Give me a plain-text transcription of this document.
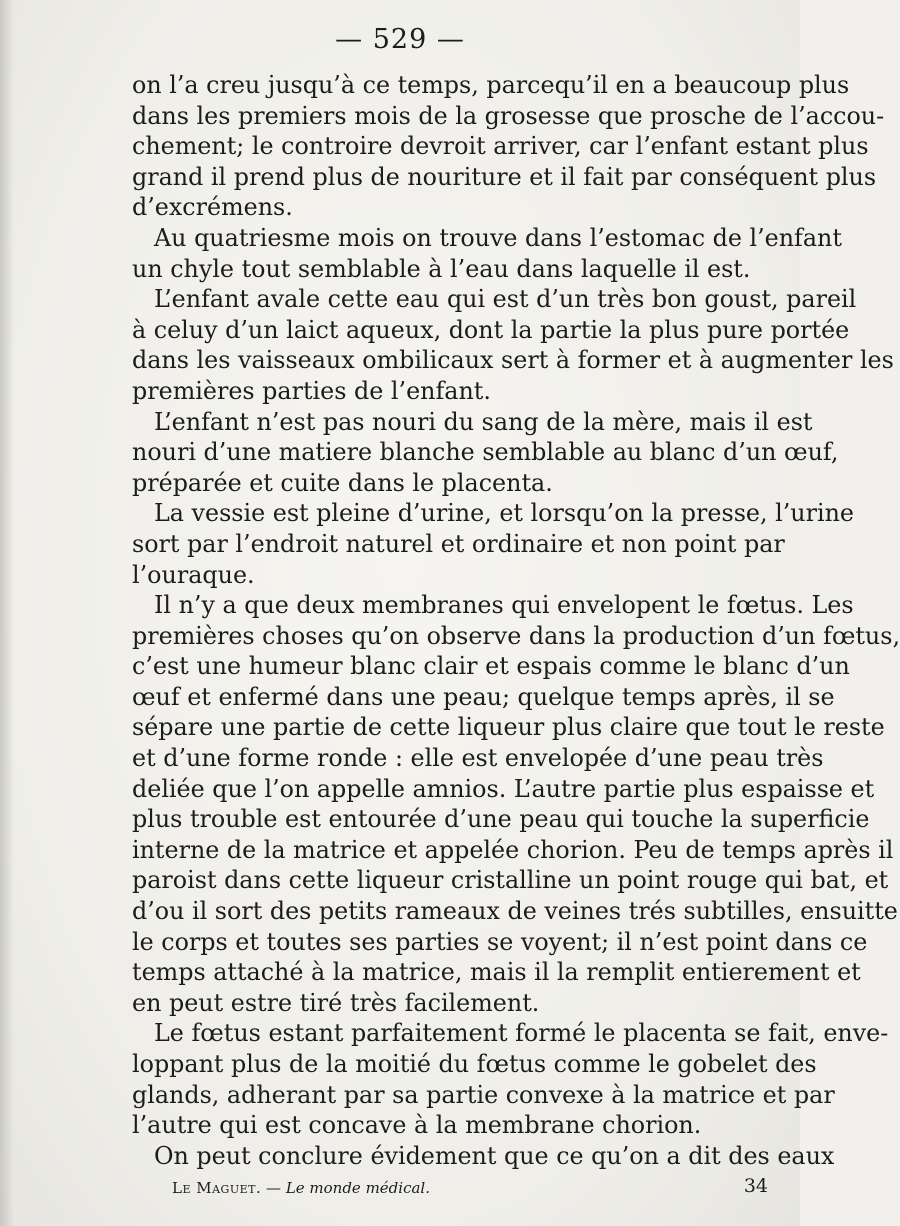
— 529 —
on l’a creu jusqu’à ce temps, parcequ’il en a beaucoup plus
dans les premiers mois de la grosesse que prosche de l’accou-
chement; le controire devroit arriver, car l’enfant estant plus
grand il prend plus de nouriture et il fait par conséquent plus
d’excrémens.
Au quatriesme mois on trouve dans l’estomac de l’enfant
un chyle tout semblable à l’eau dans laquelle il est.
L’enfant avale cette eau qui est d’un très bon goust, pareil
à celuy d’un laict aqueux, dont la partie la plus pure portée
dans les vaisseaux ombilicaux sert à former et à augmenter les
premières parties de l’enfant.
L’enfant n’est pas nouri du sang de la mère, mais il est
nouri d’une matiere blanche semblable au blanc d’un œuf,
préparée et cuite dans le placenta.
La vessie est pleine d’urine, et lorsqu’on la presse, l’urine
sort par l’endroit naturel et ordinaire et non point par
l’ouraque.
Il n’y a que deux membranes qui envelopent le fœtus. Les
premières choses qu’on observe dans la production d’un fœtus,
c’est une humeur blanc clair et espais comme le blanc d’un
œuf et enfermé dans une peau; quelque temps après, il se
sépare une partie de cette liqueur plus claire que tout le reste
et d’une forme ronde : elle est envelopée d’une peau très
deliée que l’on appelle amnios. L’autre partie plus espaisse et
plus trouble est entourée d’une peau qui touche la superficie
interne de la matrice et appelée chorion. Peu de temps après il
paroist dans cette liqueur cristalline un point rouge qui bat, et
d’ou il sort des petits rameaux de veines trés subtilles, ensuitte
le corps et toutes ses parties se voyent; il n’est point dans ce
temps attaché à la matrice, mais il la remplit entierement et
en peut estre tiré très facilement.
Le fœtus estant parfaitement formé le placenta se fait, enve-
loppant plus de la moitié du fœtus comme le gobelet des
glands, adherant par sa partie convexe à la matrice et par
l’autre qui est concave à la membrane chorion.
On peut conclure évidement que ce qu’on a dit des eaux
Le Maguet. — Le monde médical.	34
